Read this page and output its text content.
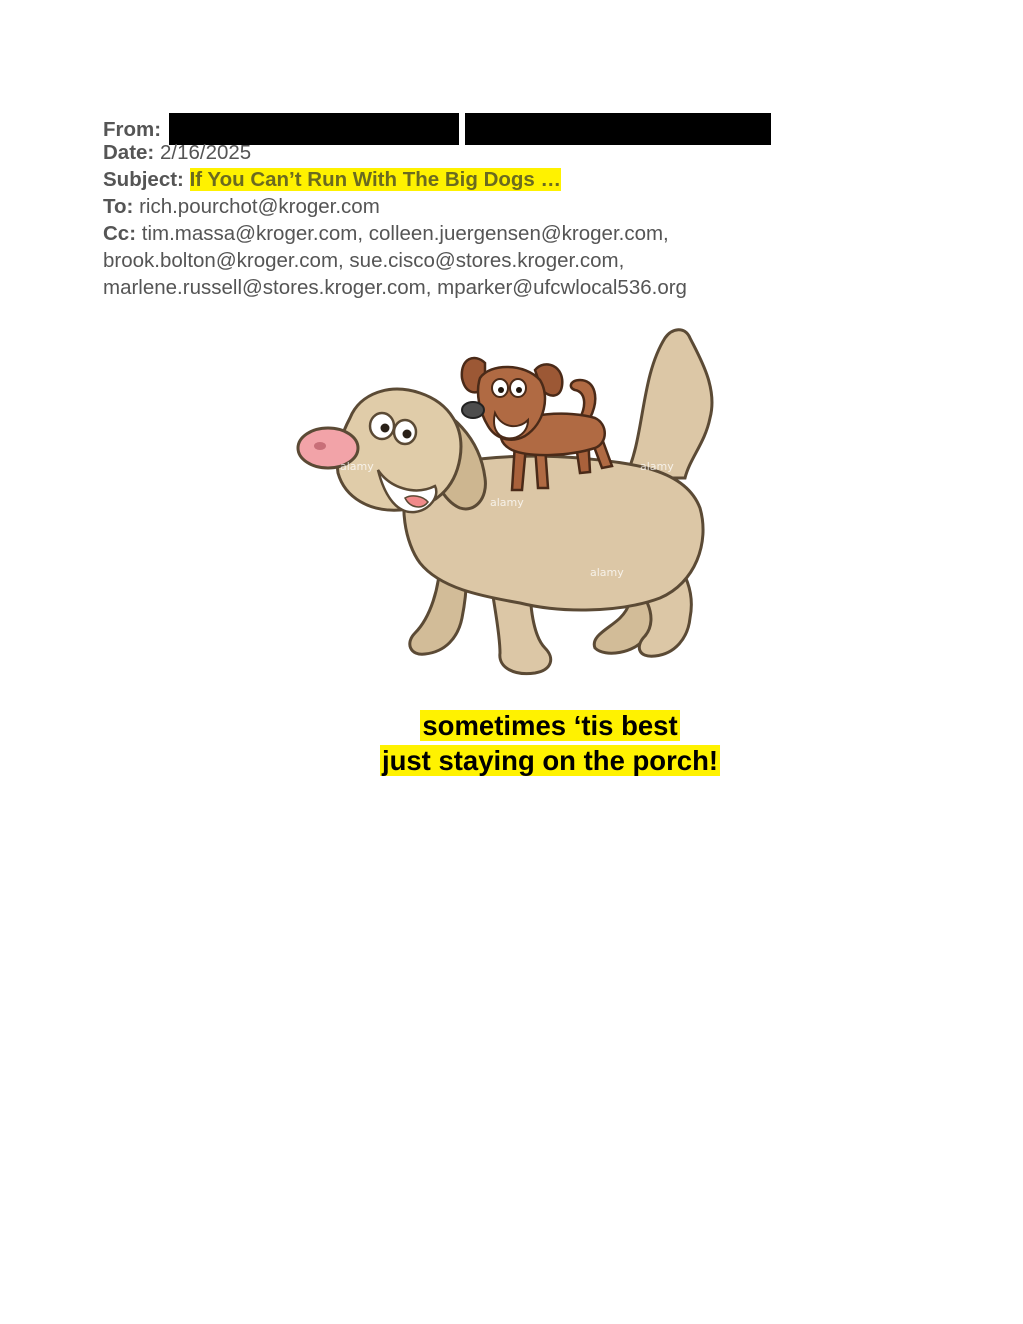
From:
Date: 2/16/2025
Subject: If You Can’t Run With The Big Dogs …
To: rich.pourchot@kroger.com
Cc: tim.massa@kroger.com, colleen.juergensen@kroger.com,
brook.bolton@kroger.com, sue.cisco@stores.kroger.com,
marlene.russell@stores.kroger.com, mparker@ufcwlocal536.org
alamy	alamy
alamy
alamy
sometimes ‘tis best
just staying on the porch!
